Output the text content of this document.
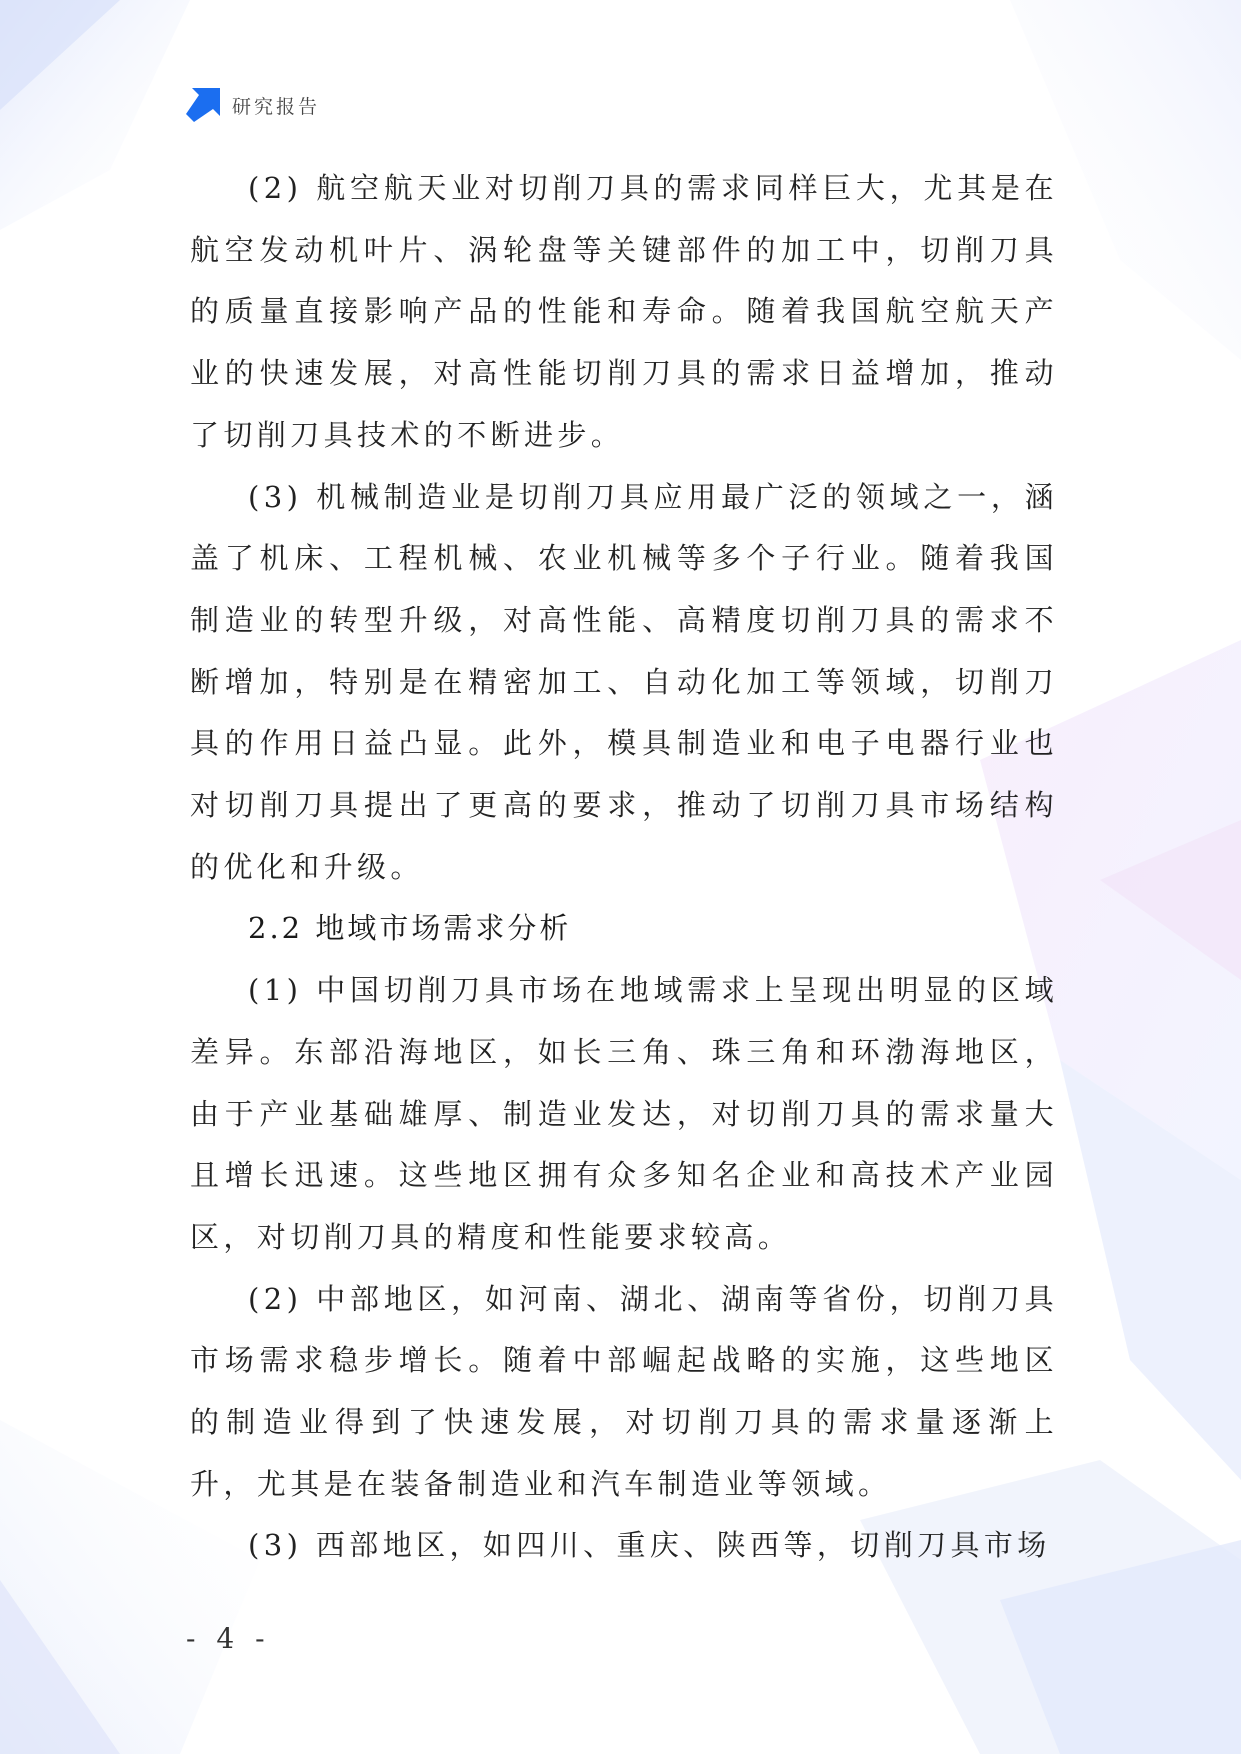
研究报告

(2) 航空航天业对切削刀具的需求同样巨大，尤其是在航空发动机叶片、涡轮盘等关键部件的加工中，切削刀具的质量直接影响产品的性能和寿命。随着我国航空航天产业的快速发展，对高性能切削刀具的需求日益增加，推动了切削刀具技术的不断进步。

(3) 机械制造业是切削刀具应用最广泛的领域之一，涵盖了机床、工程机械、农业机械等多个子行业。随着我国制造业的转型升级，对高性能、高精度切削刀具的需求不断增加，特别是在精密加工、自动化加工等领域，切削刀具的作用日益凸显。此外，模具制造业和电子电器行业也对切削刀具提出了更高的要求，推动了切削刀具市场结构的优化和升级。

2.2 地域市场需求分析

(1) 中国切削刀具市场在地域需求上呈现出明显的区域差异。东部沿海地区，如长三角、珠三角和环渤海地区，由于产业基础雄厚、制造业发达，对切削刀具的需求量大且增长迅速。这些地区拥有众多知名企业和高技术产业园区，对切削刀具的精度和性能要求较高。

(2) 中部地区，如河南、湖北、湖南等省份，切削刀具市场需求稳步增长。随着中部崛起战略的实施，这些地区的制造业得到了快速发展，对切削刀具的需求量逐渐上升，尤其是在装备制造业和汽车制造业等领域。

(3) 西部地区，如四川、重庆、陕西等，切削刀具市场

- 4 -
